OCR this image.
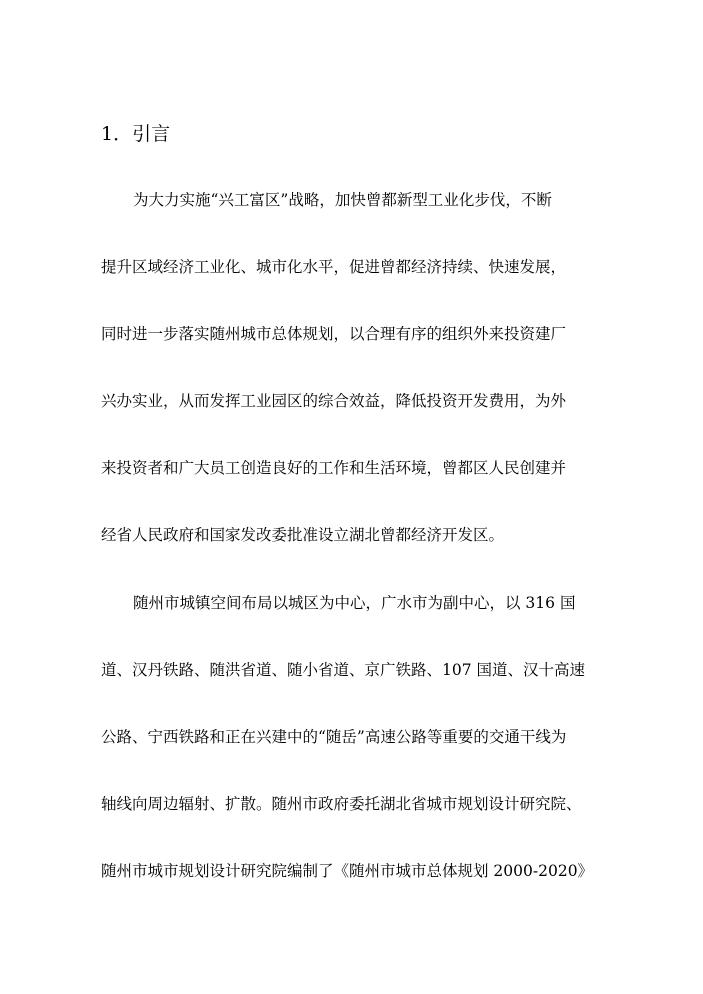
1．引言
为大力实施“兴工富区”战略，加快曾都新型工业化步伐，不断
提升区域经济工业化、城市化水平，促进曾都经济持续、快速发展，
同时进一步落实随州城市总体规划，以合理有序的组织外来投资建厂
兴办实业，从而发挥工业园区的综合效益，降低投资开发费用，为外
来投资者和广大员工创造良好的工作和生活环境，曾都区人民创建并
经省人民政府和国家发改委批准设立湖北曾都经济开发区。
随州市城镇空间布局以城区为中心，广水市为副中心，以 316 国
道、汉丹铁路、随洪省道、随小省道、京广铁路、107 国道、汉十高速
公路、宁西铁路和正在兴建中的“随岳”高速公路等重要的交通干线为
轴线向周边辐射、扩散。随州市政府委托湖北省城市规划设计研究院、
随州市城市规划设计研究院编制了《随州市城市总体规划 2000-2020》
